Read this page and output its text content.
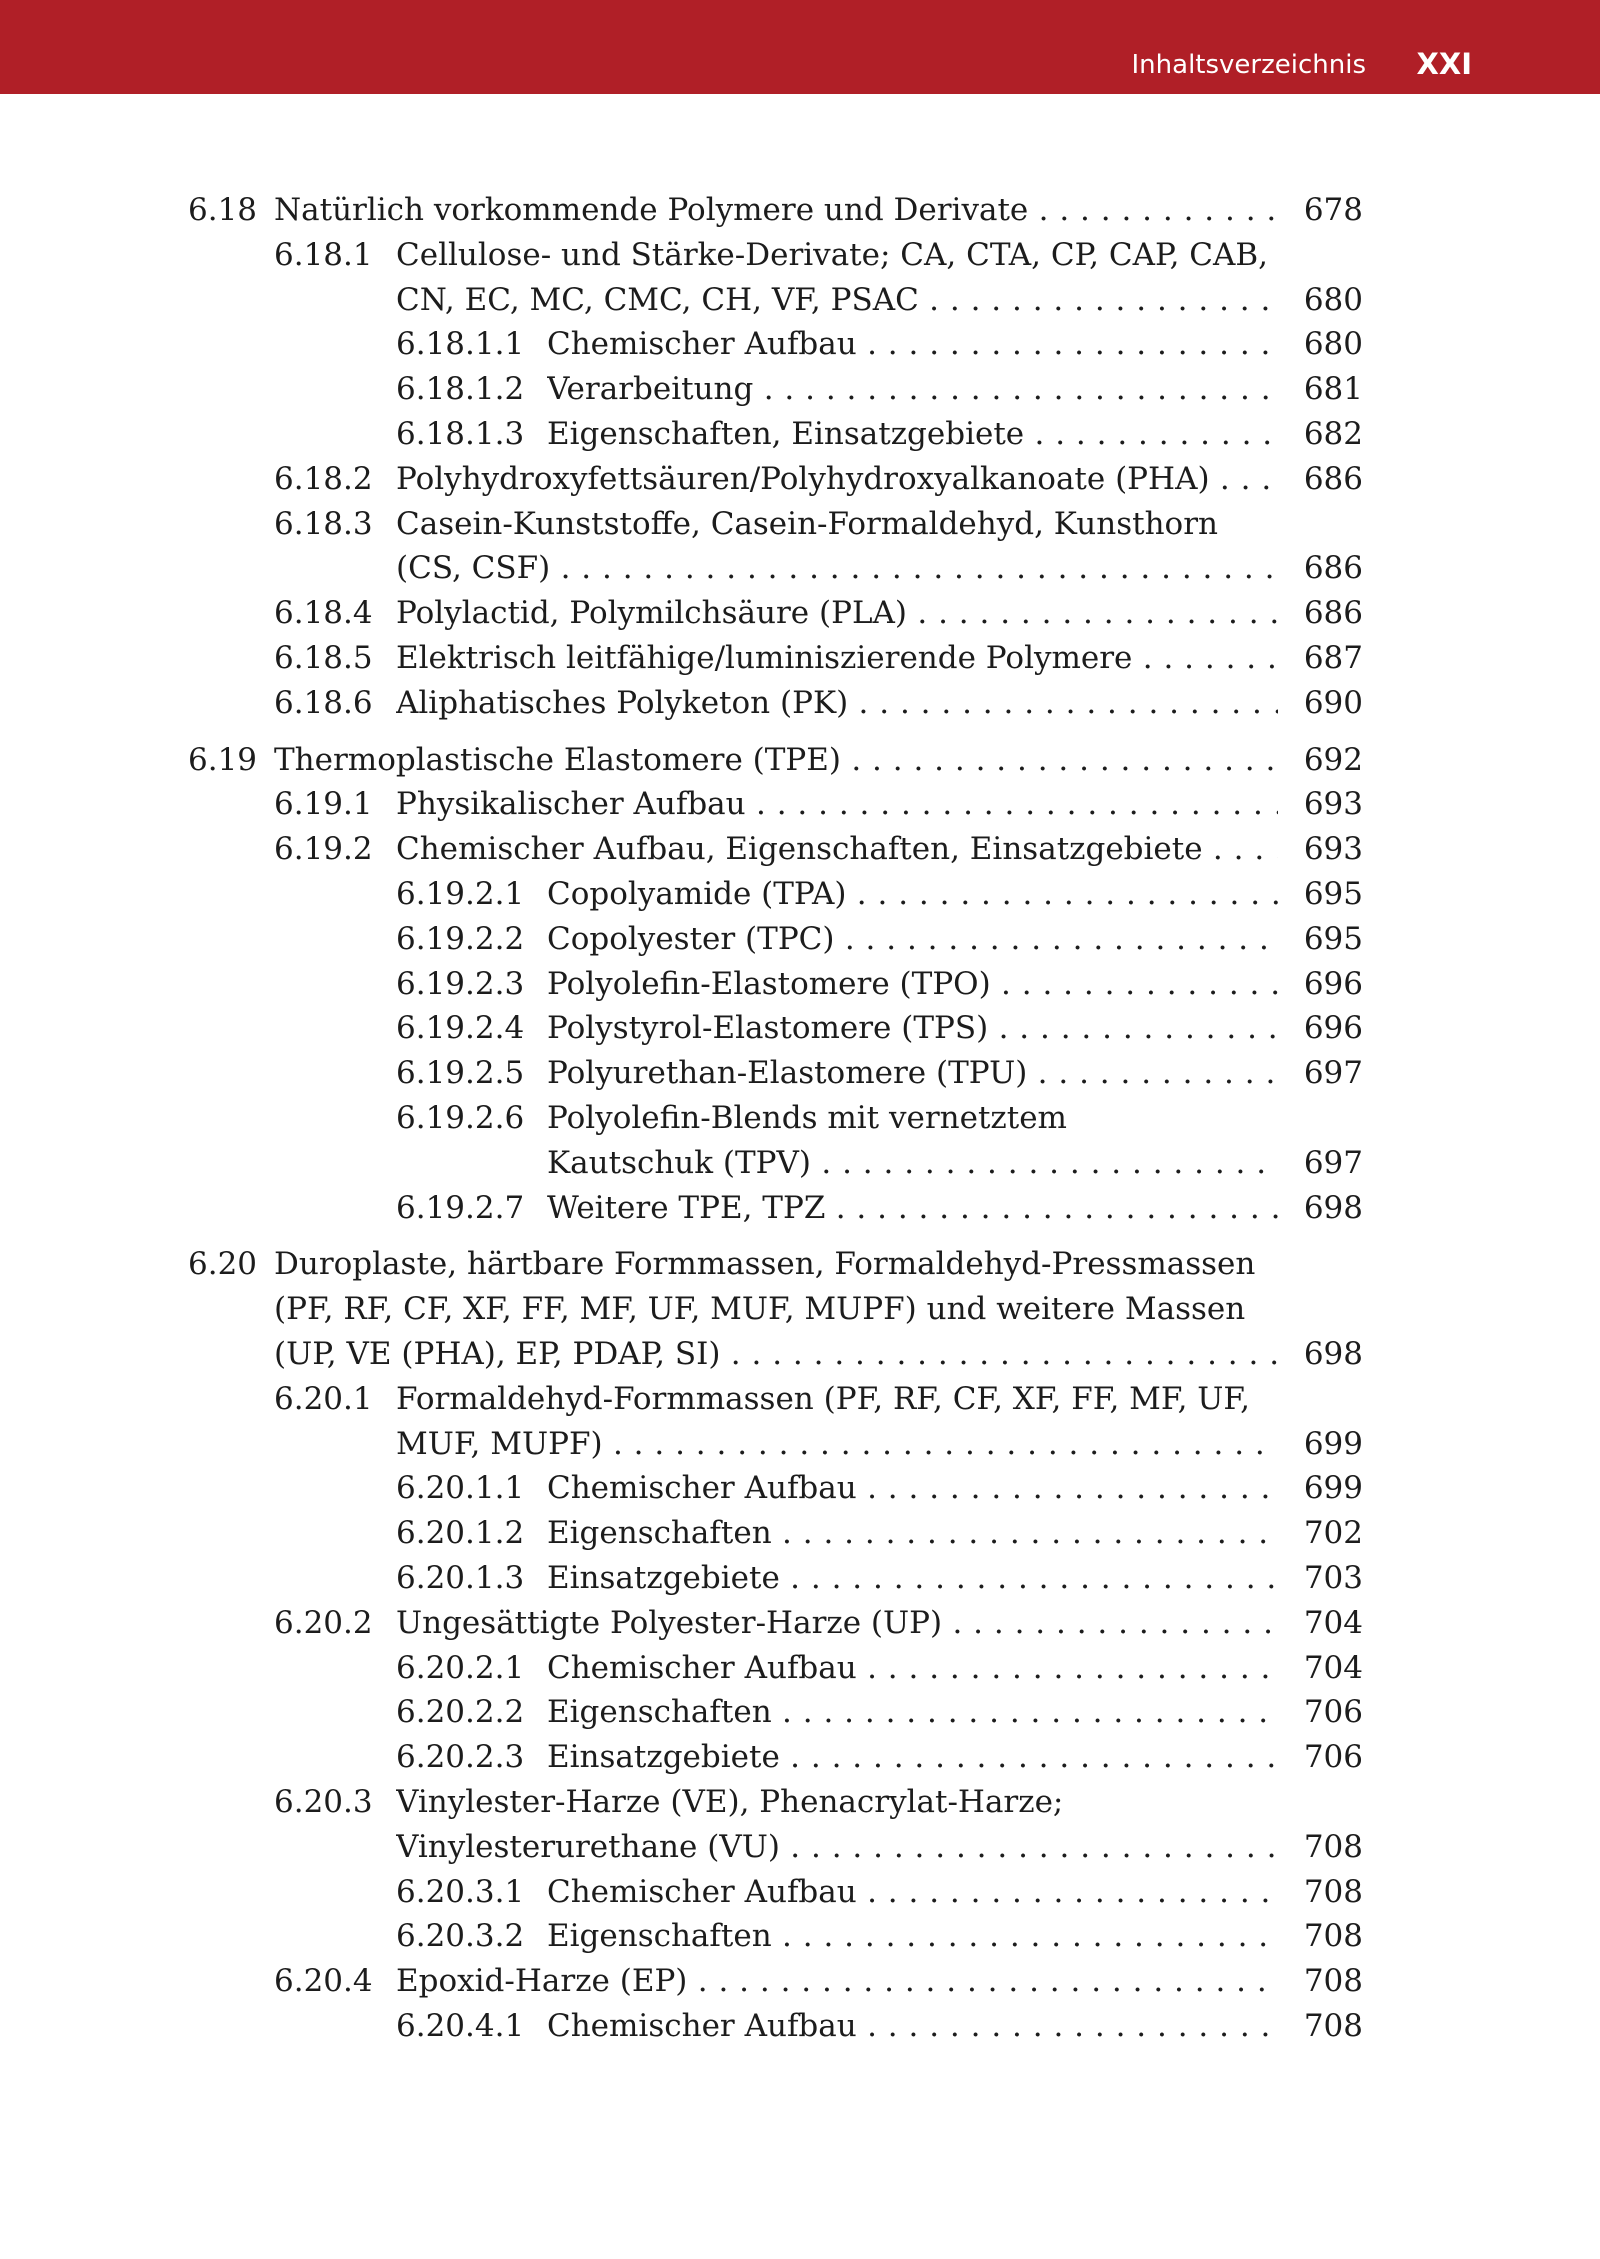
Inhaltsverzeichnis XXI
6.18 Natürlich vorkommende Polymere und Derivate . . .	678
6.18.1 Cellulose- und Stärke-Derivate; CA, CTA, CP, CAP, CAB,
CN, EC, MC, CMC, CH, VF, PSAC . . .	680
6.18.1.1 Chemischer Aufbau . . .	680
6.18.1.2 Verarbeitung . . .	681
6.18.1.3 Eigenschaften, Einsatzgebiete . . .	682
6.18.2 Polyhydroxyfettsäuren/Polyhydroxyalkanoate (PHA) . . .	686
6.18.3 Casein-Kunststoffe, Casein-Formaldehyd, Kunsthorn
(CS, CSF) . . .	686
6.18.4 Polylactid, Polymilchsäure (PLA) . . .	686
6.18.5 Elektrisch leitfähige/luminiszierende Polymere . . .	687
6.18.6 Aliphatisches Polyketon (PK) . . .	690
6.19 Thermoplastische Elastomere (TPE) . . .	692
6.19.1 Physikalischer Aufbau . . .	693
6.19.2 Chemischer Aufbau, Eigenschaften, Einsatzgebiete . . .	693
6.19.2.1 Copolyamide (TPA) . . .	695
6.19.2.2 Copolyester (TPC) . . .	695
6.19.2.3 Polyolefin-Elastomere (TPO) . . .	696
6.19.2.4 Polystyrol-Elastomere (TPS) . . .	696
6.19.2.5 Polyurethan-Elastomere (TPU) . . .	697
6.19.2.6 Polyolefin-Blends mit vernetztem
Kautschuk (TPV) . . .	697
6.19.2.7 Weitere TPE, TPZ . . .	698
6.20 Duroplaste, härtbare Formmassen, Formaldehyd-Pressmassen
(PF, RF, CF, XF, FF, MF, UF, MUF, MUPF) und weitere Massen
(UP, VE (PHA), EP, PDAP, SI) . . .	698
6.20.1 Formaldehyd-Formmassen (PF, RF, CF, XF, FF, MF, UF,
MUF, MUPF) . . .	699
6.20.1.1 Chemischer Aufbau . . .	699
6.20.1.2 Eigenschaften . . .	702
6.20.1.3 Einsatzgebiete . . .	703
6.20.2 Ungesättigte Polyester-Harze (UP) . . .	704
6.20.2.1 Chemischer Aufbau . . .	704
6.20.2.2 Eigenschaften . . .	706
6.20.2.3 Einsatzgebiete . . .	706
6.20.3 Vinylester-Harze (VE), Phenacrylat-Harze;
Vinylesterurethane (VU) . . .	708
6.20.3.1 Chemischer Aufbau . . .	708
6.20.3.2 Eigenschaften . . .	708
6.20.4 Epoxid-Harze (EP) . . .	708
6.20.4.1 Chemischer Aufbau . . .	708
